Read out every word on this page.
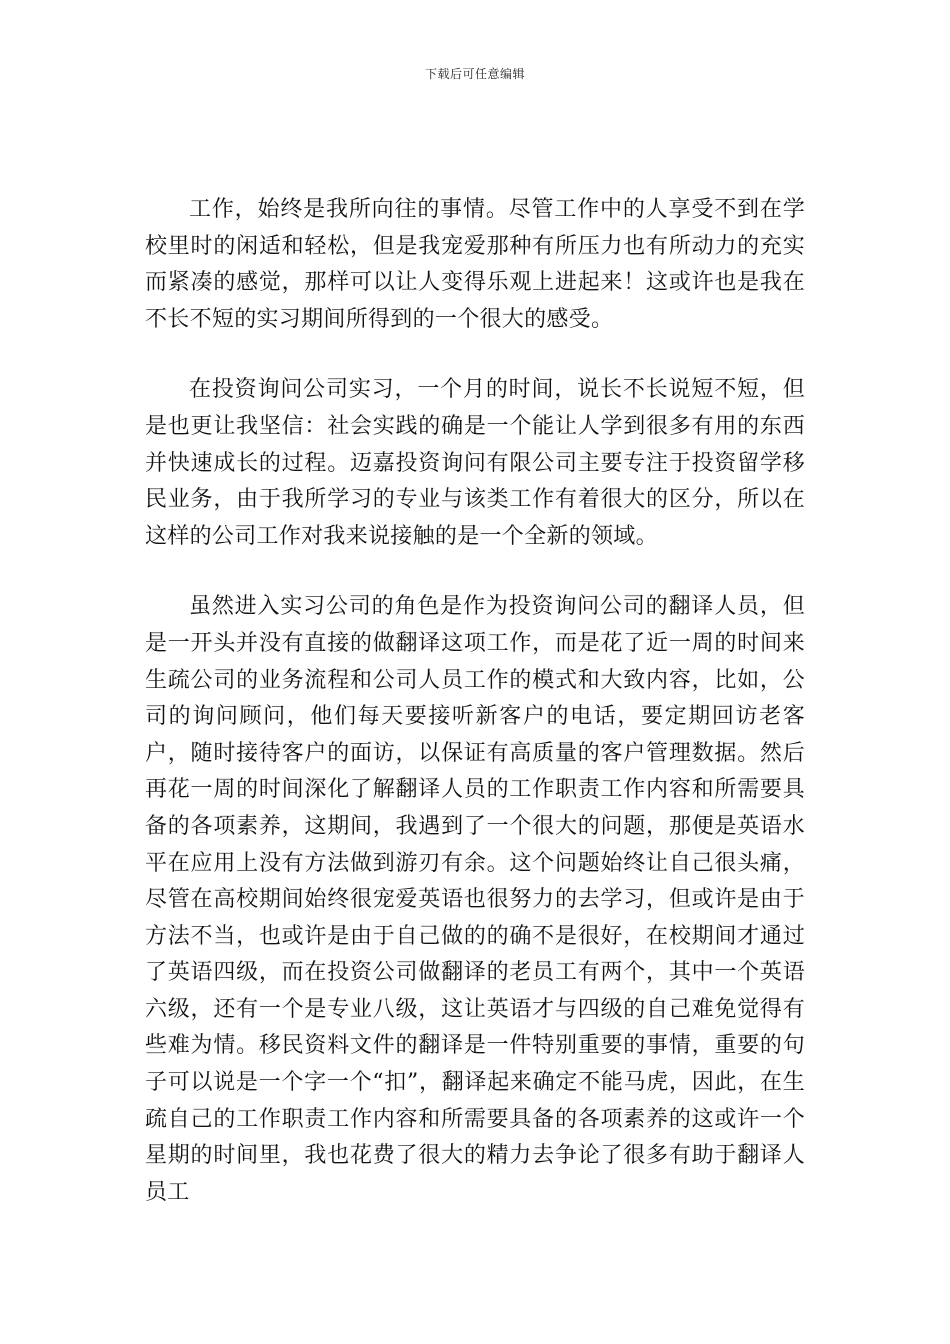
下载后可任意编辑

工作，始终是我所向往的事情。尽管工作中的人享受不到在学校里时的闲适和轻松，但是我宠爱那种有所压力也有所动力的充实而紧凑的感觉，那样可以让人变得乐观上进起来！这或许也是我在不长不短的实习期间所得到的一个很大的感受。

在投资询问公司实习，一个月的时间，说长不长说短不短，但是也更让我坚信：社会实践的确是一个能让人学到很多有用的东西并快速成长的过程。迈嘉投资询问有限公司主要专注于投资留学移民业务，由于我所学习的专业与该类工作有着很大的区分，所以在这样的公司工作对我来说接触的是一个全新的领域。

虽然进入实习公司的角色是作为投资询问公司的翻译人员，但是一开头并没有直接的做翻译这项工作，而是花了近一周的时间来生疏公司的业务流程和公司人员工作的模式和大致内容，比如，公司的询问顾问，他们每天要接听新客户的电话，要定期回访老客户，随时接待客户的面访，以保证有高质量的客户管理数据。然后再花一周的时间深化了解翻译人员的工作职责工作内容和所需要具备的各项素养，这期间，我遇到了一个很大的问题，那便是英语水平在应用上没有方法做到游刃有余。这个问题始终让自己很头痛，尽管在高校期间始终很宠爱英语也很努力的去学习，但或许是由于方法不当，也或许是由于自己做的的确不是很好，在校期间才通过了英语四级，而在投资公司做翻译的老员工有两个，其中一个英语六级，还有一个是专业八级，这让英语才与四级的自己难免觉得有些难为情。移民资料文件的翻译是一件特别重要的事情，重要的句子可以说是一个字一个“扣”，翻译起来确定不能马虎，因此，在生疏自己的工作职责工作内容和所需要具备的各项素养的这或许一个星期的时间里，我也花费了很大的精力去争论了很多有助于翻译人员工
